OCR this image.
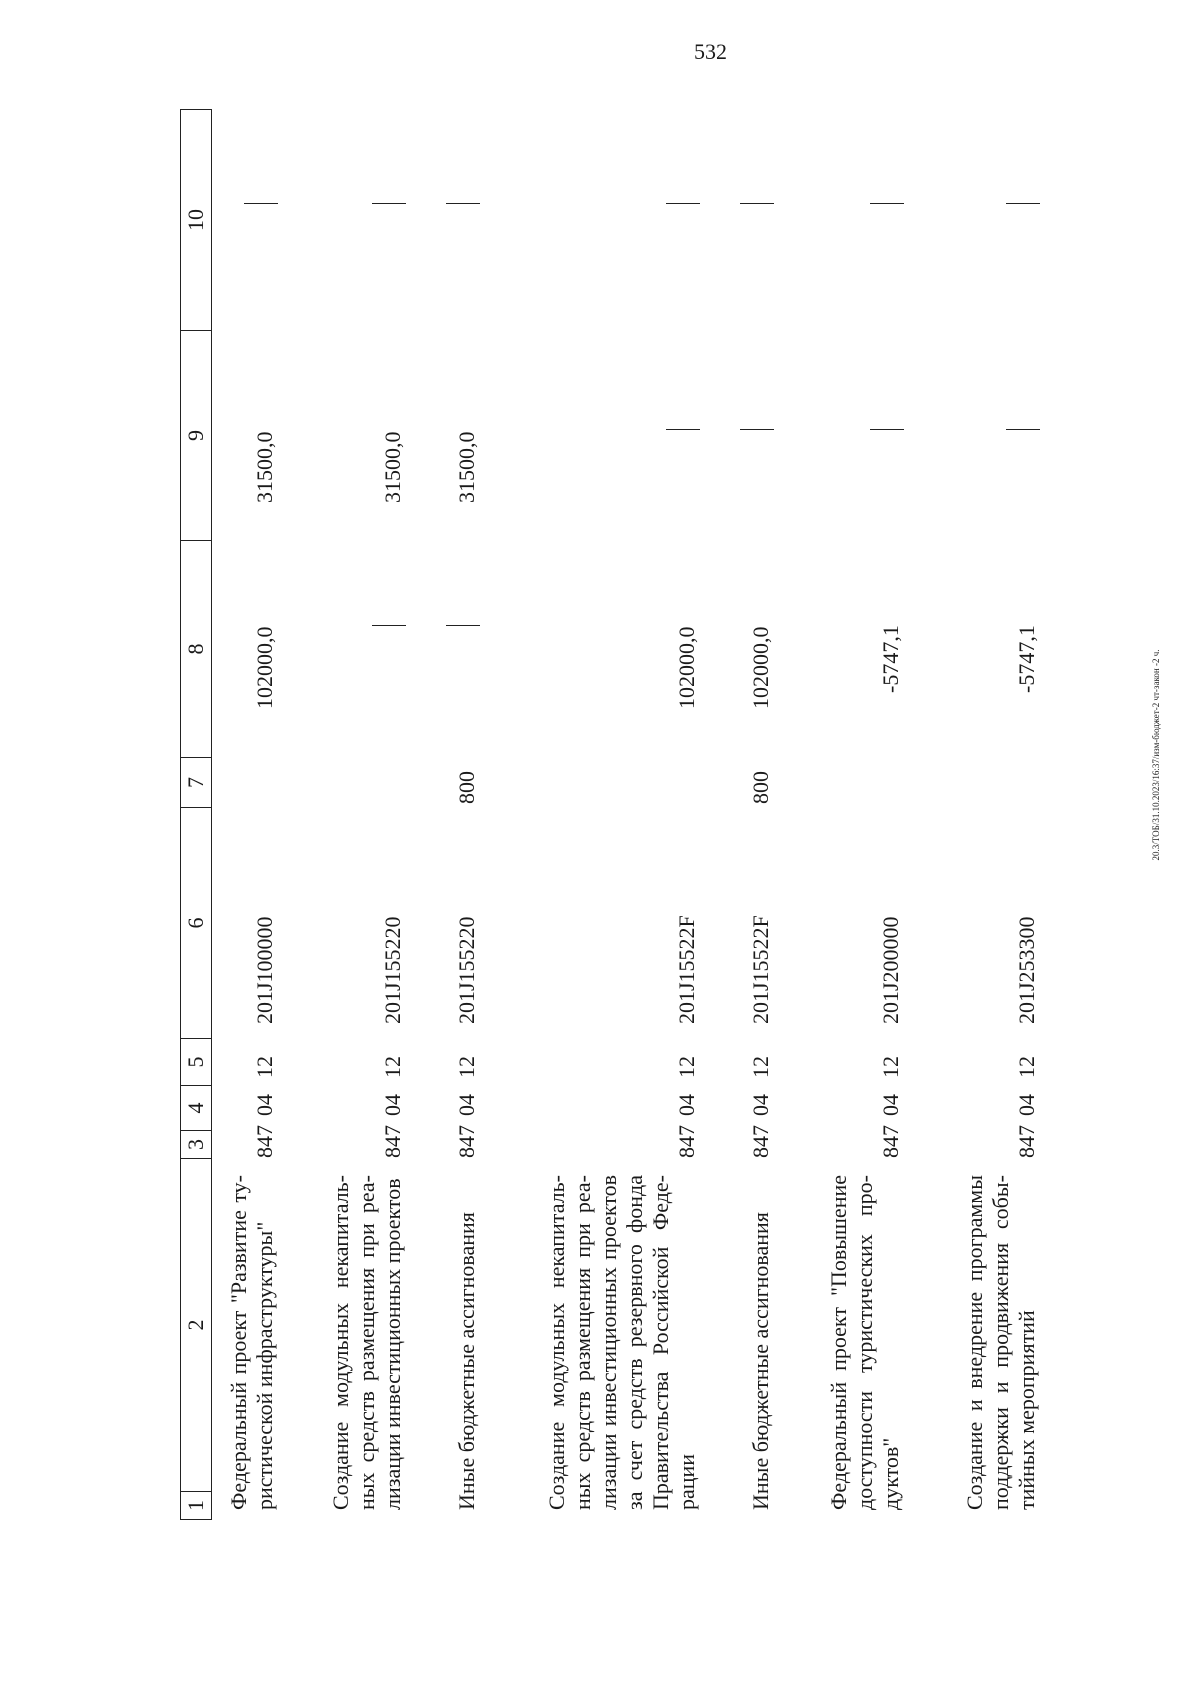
532
20.3/ТОБ/31.10.2023/16:37/изм-бюджет-2 чт-закон -2 ч.
1
2
3
4
5
6
7
8
9
10
Федеральный проект "Развитие ту-ристической инфраструктуры"
847
04
12
201J100000
102000,0
31500,0
Создание модульных некапиталь-ных средств размещения при реа-лизации инвестиционных проектов
847
04
12
201J155220
31500,0
Иные бюджетные ассигнования
847
04
12
201J155220
800
31500,0
Создание модульных некапиталь-ных средств размещения при реа-лизации инвестиционных проектов за счет средств резервного фонда Правительства Российской Феде-рации
847
04
12
201J15522F
102000,0
Иные бюджетные ассигнования
847
04
12
201J15522F
800
102000,0
Федеральный проект "Повышение доступности туристических про-дуктов"
847
04
12
201J200000
-5747,1
Создание и внедрение программы поддержки и продвижения собы-тийных мероприятий
847
04
12
201J253300
-5747,1
